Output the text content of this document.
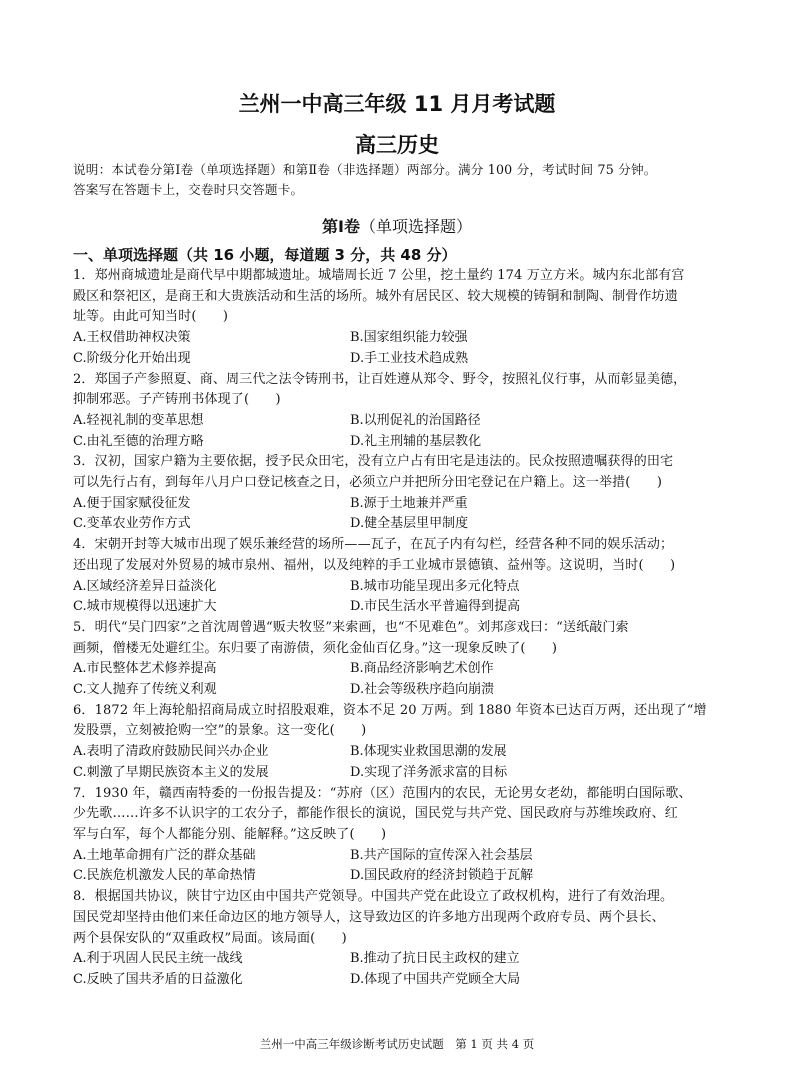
兰州一中高三年级 11 月月考试题
高三历史
说明：本试卷分第Ⅰ卷（单项选择题）和第Ⅱ卷（非选择题）两部分。满分 100 分，考试时间 75 分钟。
答案写在答题卡上，交卷时只交答题卡。
第Ⅰ卷（单项选择题）
一、单项选择题（共 16 小题，每道题 3 分，共 48 分）
1．郑州商城遗址是商代早中期都城遗址。城墙周长近 7 公里，挖土量约 174 万立方米。城内东北部有宫
殿区和祭祀区，是商王和大贵族活动和生活的场所。城外有居民区、较大规模的铸铜和制陶、制骨作坊遗
址等。由此可知当时(　　)
A.王权借助神权决策	B.国家组织能力较强
C.阶级分化开始出现	D.手工业技术趋成熟
2．郑国子产参照夏、商、周三代之法令铸刑书，让百姓遵从郑令、野令，按照礼仪行事，从而彰显美德，
抑制邪恶。子产铸刑书体现了(　　)
A.轻视礼制的变革思想	B.以刑促礼的治国路径
C.由礼至德的治理方略	D.礼主刑辅的基层教化
3．汉初，国家户籍为主要依据，授予民众田宅，没有立户占有田宅是违法的。民众按照遗嘱获得的田宅
可以先行占有，到每年八月户口登记核查之日，必须立户并把所分田宅登记在户籍上。这一举措(　　)
A.便于国家赋役征发	B.源于土地兼并严重
C.变革农业劳作方式	D.健全基层里甲制度
4．宋朝开封等大城市出现了娱乐兼经营的场所——瓦子，在瓦子内有勾栏，经营各种不同的娱乐活动；
还出现了发展对外贸易的城市泉州、福州，以及纯粹的手工业城市景德镇、益州等。这说明，当时(　　)
A.区域经济差异日益淡化	B.城市功能呈现出多元化特点
C.城市规模得以迅速扩大	D.市民生活水平普遍得到提高
5．明代“吴门四家”之首沈周曾遇“贩夫牧竖”来索画，也“不见难色”。刘邦彦戏曰：“送纸敲门索
画频，僧楼无处避红尘。东归要了南游债，须化金仙百亿身。”这一现象反映了(　　)
A.市民整体艺术修养提高	B.商品经济影响艺术创作
C.文人抛弃了传统义利观	D.社会等级秩序趋向崩溃
6．1872 年上海轮船招商局成立时招股艰难，资本不足 20 万两。到 1880 年资本已达百万两，还出现了“增
发股票，立刻被抢购一空”的景象。这一变化(　　)
A.表明了清政府鼓励民间兴办企业	B.体现实业救国思潮的发展
C.刺激了早期民族资本主义的发展	D.实现了洋务派求富的目标
7．1930 年，赣西南特委的一份报告提及：“苏府（区）范围内的农民，无论男女老幼，都能明白国际歌、
少先歌……许多不认识字的工农分子，都能作很长的演说，国民党与共产党、国民政府与苏维埃政府、红
军与白军，每个人都能分别、能解释。”这反映了(　　)
A.土地革命拥有广泛的群众基础	B.共产国际的宣传深入社会基层
C.民族危机激发人民的革命热情	D.国民政府的经济封锁趋于瓦解
8．根据国共协议，陕甘宁边区由中国共产党领导。中国共产党在此设立了政权机构，进行了有效治理。
国民党却坚持由他们来任命边区的地方领导人，这导致边区的许多地方出现两个政府专员、两个县长、
两个县保安队的“双重政权”局面。该局面(　　)
A.利于巩固人民民主统一战线	B.推动了抗日民主政权的建立
C.反映了国共矛盾的日益激化	D.体现了中国共产党顾全大局
兰州一中高三年级诊断考试历史试题　第 1 页 共 4 页
